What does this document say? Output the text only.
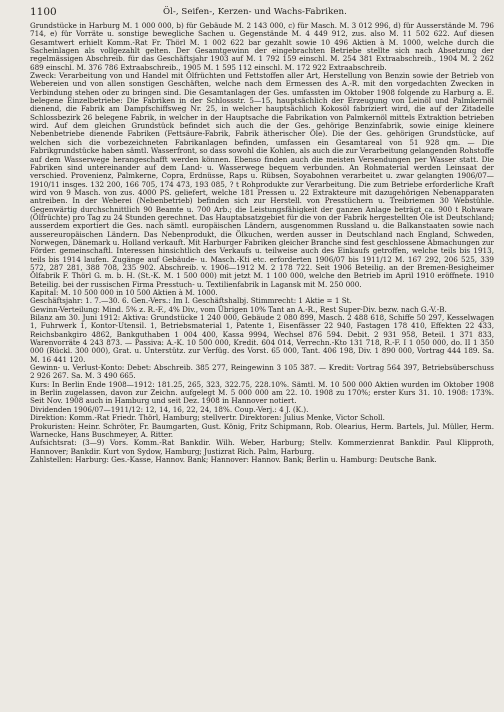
1100	Öl-, Seifen-, Kerzen- und Wachs-Fabriken.

Grundstücke in Harburg M. 1 000 000, b) für Gebäude M. 2 143 000, c) für Masch. M. 3 012 996, d) für Ausserstände M. 796 714, e) für Vorräte u. sonstige bewegliche Sachen u. Gegenstände M. 4 449 912, zus. also M. 11 502 622. Auf diesen Gesamtwert erhielt Komm.-Rat Fr. Thörl M. 1 002 622 bar gezahlt sowie 10 496 Aktien à M. 1000, welche durch die Sacheinlagen als vollgezahlt gelten. Der Gesamtgewinn der eingebrachten Betriebe stellte sich nach Absetzung der regelmässigen Abschreib. für das Geschäftsjahr 1903 auf M. 1 792 159 einschl. M. 254 381 Extraabschreib., 1904 M. 2 262 689 einschl. M. 376 786 Extraabschreib., 1905 M. 1 595 112 einschl. M. 172 922 Extraabschreib.

Zweck: Verarbeitung von und Handel mit Ölfrüchten und Fettstoffen aller Art, Herstellung von Benzin sowie der Betrieb von Webereien und von allen sonstigen Geschäften, welche nach dem Ermessen des A.-R. mit den vorgedachten Zwecken in Verbindung stehen oder zu bringen sind. Die Gesamtanlagen der Ges. umfassten im Oktober 1908 folgende zu Harburg a. E. belegene Einzelbetriebe: Die Fabriken in der Schlossstr. 5—15, hauptsächlich der Erzeugung von Leinöl und Palmkernöl dienend, die Fabrik am Dampfschiffsweg Nr. 25, in welcher hauptsächlich Kokosöl fabriziert wird, die auf der Zitadelle Schlossbezirk 26 belegene Fabrik, in welcher in der Hauptsache die Fabrikation von Palmkernöl mittels Extraktion betrieben wird. Auf dem gleichen Grundstück befindet sich auch die der Ges. gehörige Benzinfabrik, sowie einige kleinere Nebenbetriebe dienende Fabriken (Fettsäure-Fabrik, Fabrik ätherischer Öle). Die der Ges. gehörigen Grundstücke, auf welchen sich die vorbezeichneten Fabrikanlagen befinden, umfassen ein Gesamtareal von 51 928 qm. — Die Fabrikgrundstücke haben sämtl. Wasserfront, so dass sowohl die Kohlen, als auch die zur Verarbeitung gelangenden Rohstoffe auf dem Wasserwege herangeschafft werden können. Ebenso finden auch die meisten Versendungen per Wasser statt. Die Fabriken sind untereinander auf dem Land- u. Wasserwege bequem verbunden. An Rohmaterial werden Leinsaat der verschied. Provenienz, Palmkerne, Copra, Erdnüsse, Raps u. Rübsen, Soyabohnen verarbeitet u. zwar gelangten 1906/07—1910/11 insges. 132 200, 166 705, 174 473, 193 085, ? t Rohprodukte zur Verarbeitung. Die zum Betriebe erforderliche Kraft wird von 9 Masch. von zus. 4000 PS. geliefert, welche 181 Pressen u. 22 Extrakteure mit dazugehörigen Nebenapparaten antreiben. In der Weberei (Nebenbetrieb) befinden sich zur Herstell. von Presstüchern u. Treibriemen 30 Webstühle. Gegenwärtig durchschnittlich 90 Beamte u. 700 Arb.; die Leistungsfähigkeit der ganzen Anlage beträgt ca. 900 t Rohware (Ölfrüchte) pro Tag zu 24 Stunden gerechnet. Das Hauptabsatzgebiet für die von der Fabrik hergestellten Öle ist Deutschland; ausserdem exportiert die Ges. nach sämtl. europäischen Ländern, ausgenommen Russland u. die Balkanstaaten sowie nach aussereuropäischen Ländern. Das Nebenprodukt, die Ölkuchen, werden ausser in Deutschland nach England, Schweden, Norwegen, Dänemark u. Holland verkauft. Mit Harburger Fabriken gleicher Branche sind fest geschlossene Abmachungen zur Förder. gemeinschaftl. Interessen hinsichtlich des Verkaufs u. teilweise auch des Einkaufs getroffen, welche teils bis 1913, teils bis 1914 laufen. Zugänge auf Gebäude- u. Masch.-Kti etc. erforderten 1906/07 bis 1911/12 M. 167 292, 206 525, 339 572, 287 281, 388 708, 235 902. Abschreib. v. 1906—1912 M. 2 178 722. Seit 1906 Beteilig. an der Bremen-Besigheimer Ölfabrik F. Thörl G. m. b. H. (St.-K. M. 1 500 000) mit jetzt M. 1 100 000, welche den Betrieb im April 1910 eröffnete. 1910 Beteilig. bei der russischen Firma Presstuch- u. Textilienfabrik in Lagansk mit M. 250 000.

Kapital: M. 10 500 000 in 10 500 Aktien à M. 1000.

Geschäftsjahr: 1. 7.—30. 6. Gen.-Vers.: Im I. Geschäftshalbj. Stimmrecht: 1 Aktie = 1 St.

Gewinn-Verteilung: Mind. 5% z. R.-F., 4% Div., vom Übrigen 10% Tant an A.-R., Rest Super-Div. bezw. nach G.-V.-B.

Bilanz am 30. Juni 1912: Aktiva: Grundstücke 1 240 000, Gebäude 2 080 899, Masch. 2 488 618, Schiffe 50 297, Kesselwagen 1, Fuhrwerk 1, Kontor-Utensil. 1, Betriebsmaterial 1, Patente 1, Eisenfässer 22 940, Fastagen 178 410, Effekten 22 433, Reichsbankgiro 4862, Bankguthaben 1 004 400, Kassa 9994, Wechsel 876 594. Debit. 2 931 958, Beteil. 1 371 833, Warenvorräte 4 243 873. — Passiva: A.-K. 10 500 000, Kredit. 604 014, Verrechn.-Kto 131 718, R.-F. I 1 050 000, do. II 1 350 000 (Rückl. 300 000), Grat. u. Unterstütz. zur Verfüg. des Vorst. 65 000, Tant. 406 198, Div. 1 890 000, Vortrag 444 189. Sa. M. 16 441 120.

Gewinn- u. Verlust-Konto: Debet: Abschreib. 385 277, Reingewinn 3 105 387. — Kredit: Vortrag 564 397, Betriebsüberschuss 2 926 267. Sa. M. 3 490 665.

Kurs: In Berlin Ende 1908—1912: 181.25, 265, 323, 322.75, 228.10%. Sämtl. M. 10 500 000 Aktien wurden im Oktober 1908 in Berlin zugelassen, davon zur Zeichn. aufgelegt M. 5 000 000 am 22. 10. 1908 zu 170%; erster Kurs 31. 10. 1908: 173%. Seit Nov. 1908 auch in Hamburg und seit Dez. 1908 in Hannover notiert.

Dividenden 1906/07—1911/12: 12, 14, 16, 22, 24, 18%. Coup.-Verj.: 4 J. (K.).

Direktion: Komm.-Rat Friedr. Thörl, Hamburg; stellvertr. Direktoren: Julius Menke, Victor Scholl.

Prokuristen: Heinr. Schröter, Fr. Baumgarten, Gust. König, Fritz Schipmann, Rob. Olearius, Herm. Bartels, Jul. Müller, Herm. Warnecke, Hans Buschmeyer, A. Ritter.

Aufsichtsrat: (3—9) Vors. Komm.-Rat Bankdir. Wilh. Weber, Harburg; Stellv. Kommerzienrat Bankdir. Paul Klipproth, Hannover; Bankdir. Kurt von Sydow, Hamburg; Justizrat Rich. Palm, Harburg.

Zahlstellen: Harburg: Ges.-Kasse, Hannov. Bank; Hannover: Hannov. Bank; Berlin u. Hamburg: Deutsche Bank.
